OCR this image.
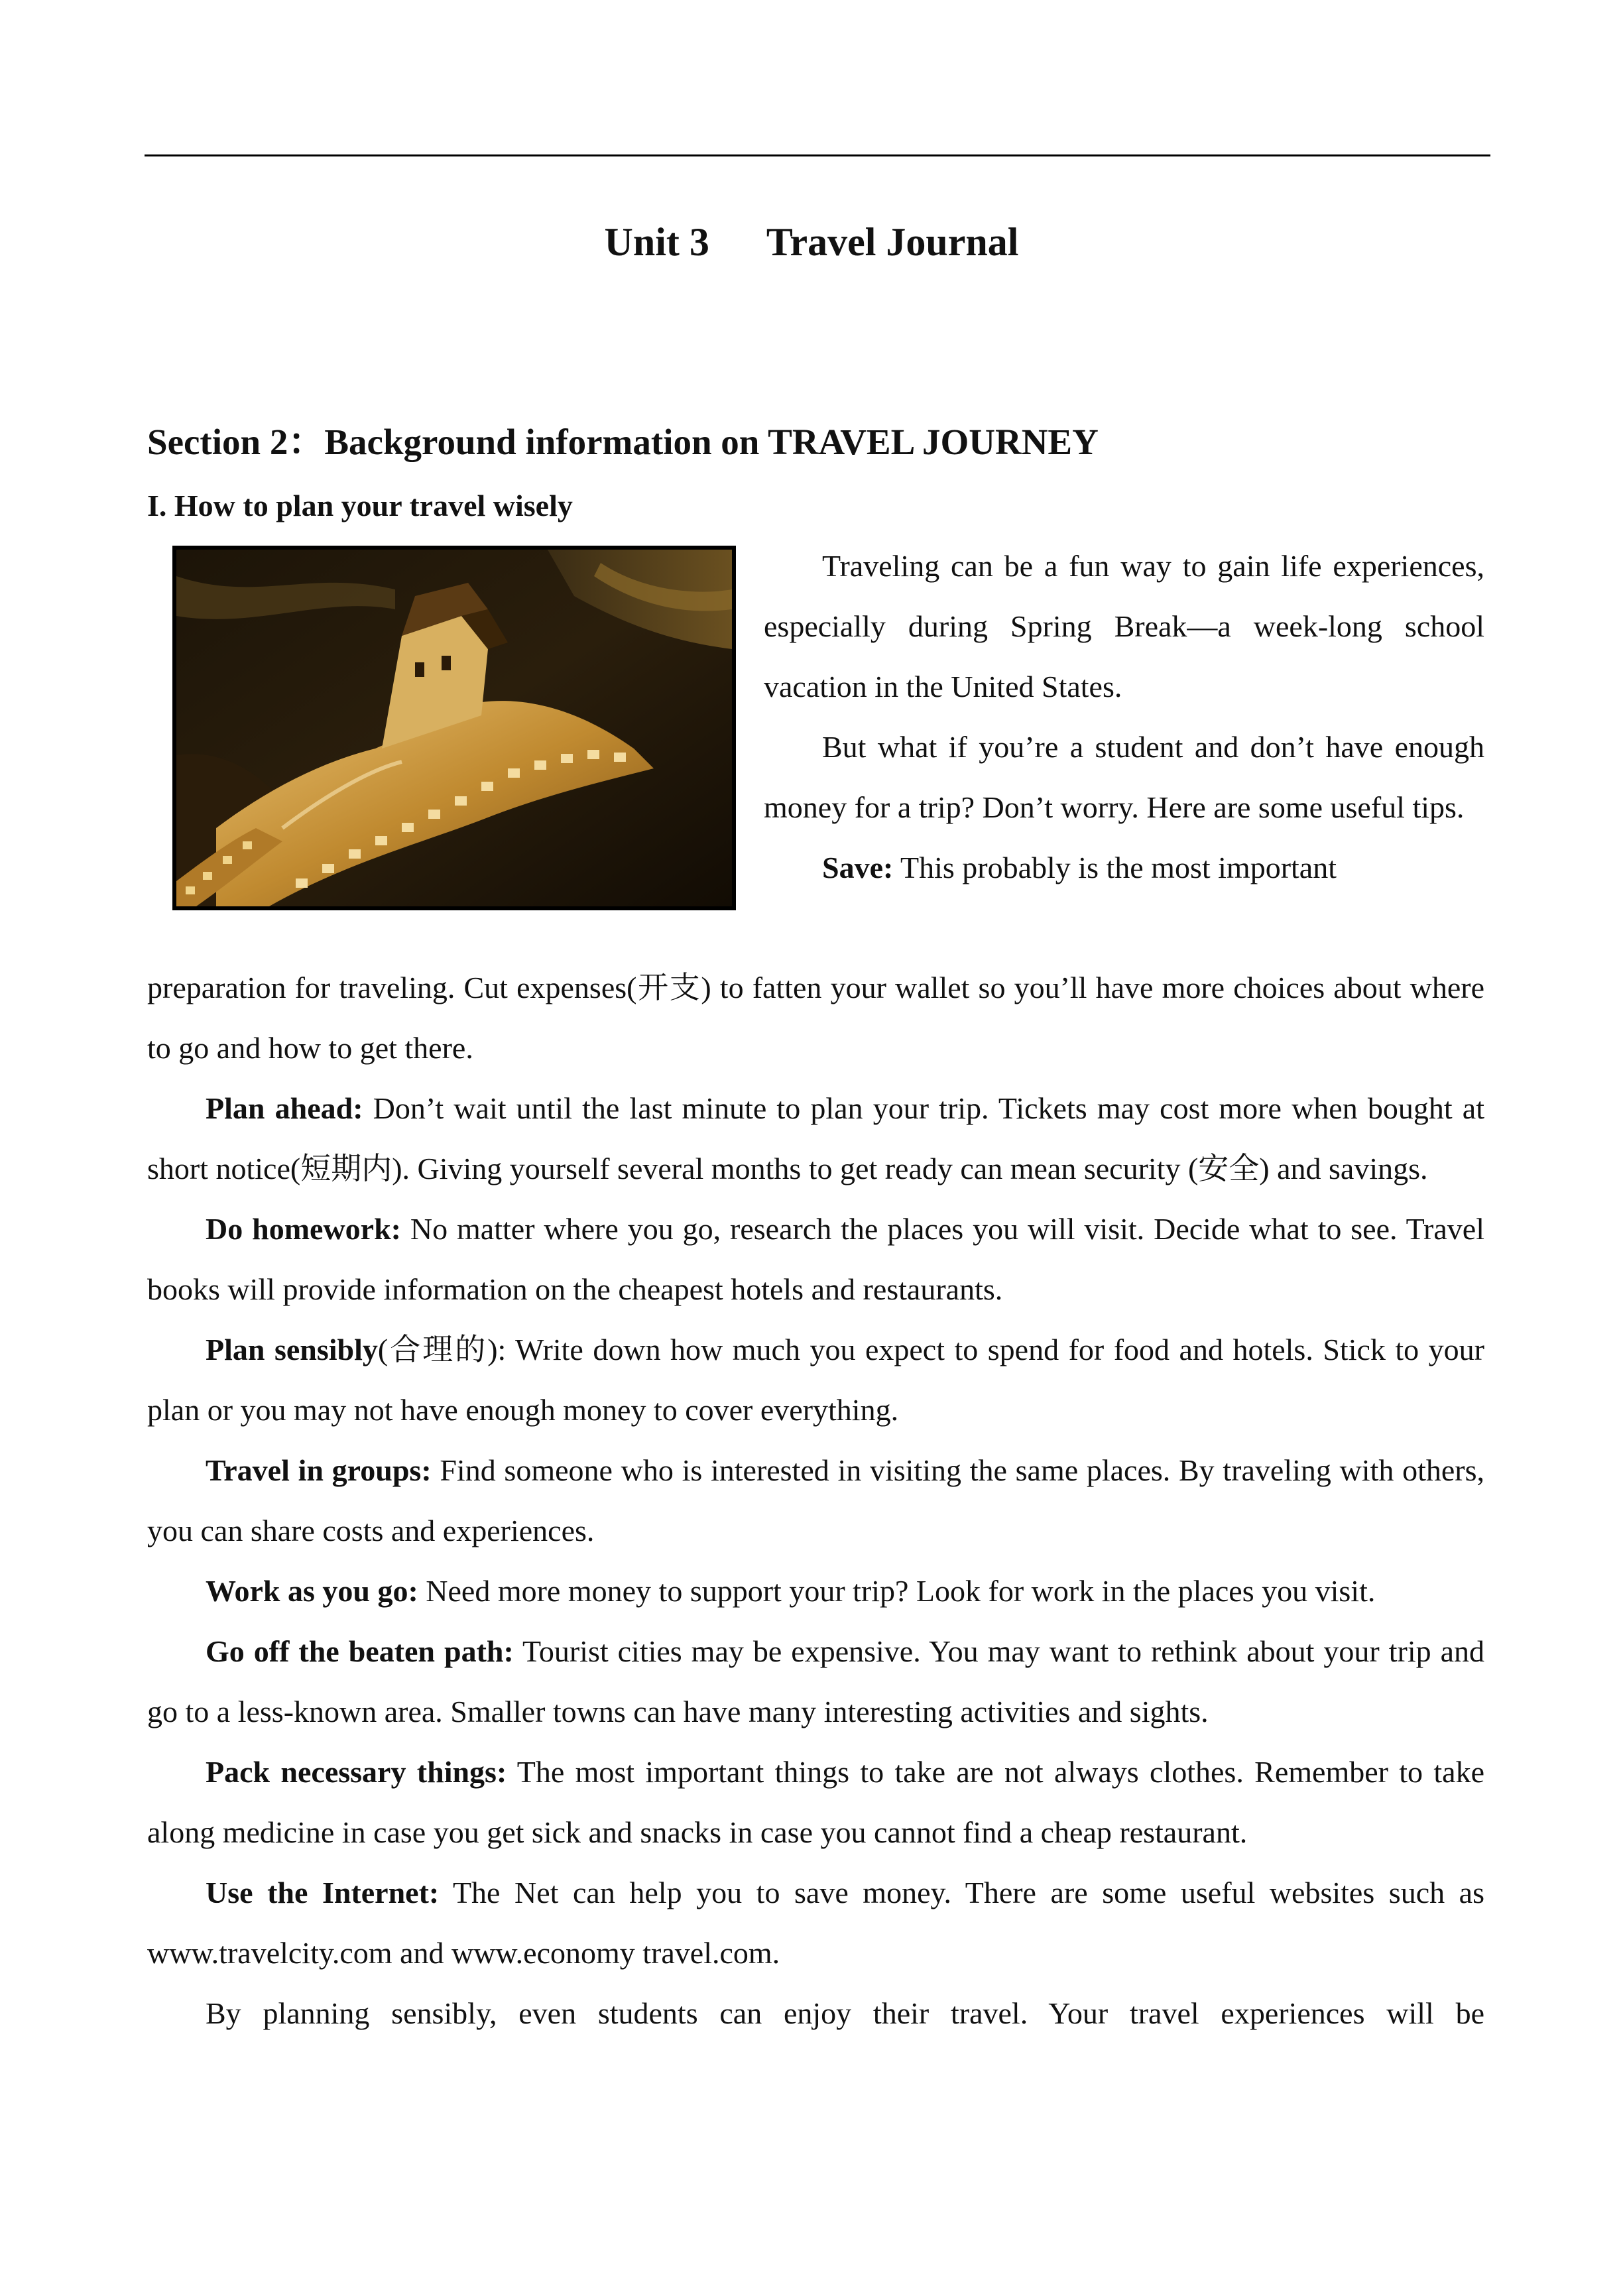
Unit 3 Travel Journal
Section 2：Background information on TRAVEL JOURNEY
I. How to plan your travel wisely

Traveling can be a fun way to gain life experiences, especially during Spring Break—a week-long school vacation in the United States.

But what if you’re a student and don’t have enough money for a trip? Don’t worry. Here are some useful tips.

Save: This probably is the most important

preparation for traveling. Cut expenses(开支) to fatten your wallet so you’ll have more choices about where to go and how to get there.

Plan ahead: Don’t wait until the last minute to plan your trip. Tickets may cost more when bought at short notice(短期内). Giving yourself several months to get ready can mean security (安全) and savings.

Do homework: No matter where you go, research the places you will visit. Decide what to see. Travel books will provide information on the cheapest hotels and restaurants.

Plan sensibly(合理的): Write down how much you expect to spend for food and hotels. Stick to your plan or you may not have enough money to cover everything.

Travel in groups: Find someone who is interested in visiting the same places. By traveling with others, you can share costs and experiences.

Work as you go: Need more money to support your trip? Look for work in the places you visit.

Go off the beaten path: Tourist cities may be expensive. You may want to rethink about your trip and go to a less-known area. Smaller towns can have many interesting activities and sights.

Pack necessary things: The most important things to take are not always clothes. Remember to take along medicine in case you get sick and snacks in case you cannot find a cheap restaurant.

Use the Internet: The Net can help you to save money. There are some useful websites such as www.travelcity.com and www.economy travel.com.

By planning sensibly, even students can enjoy their travel. Your travel experiences will be
